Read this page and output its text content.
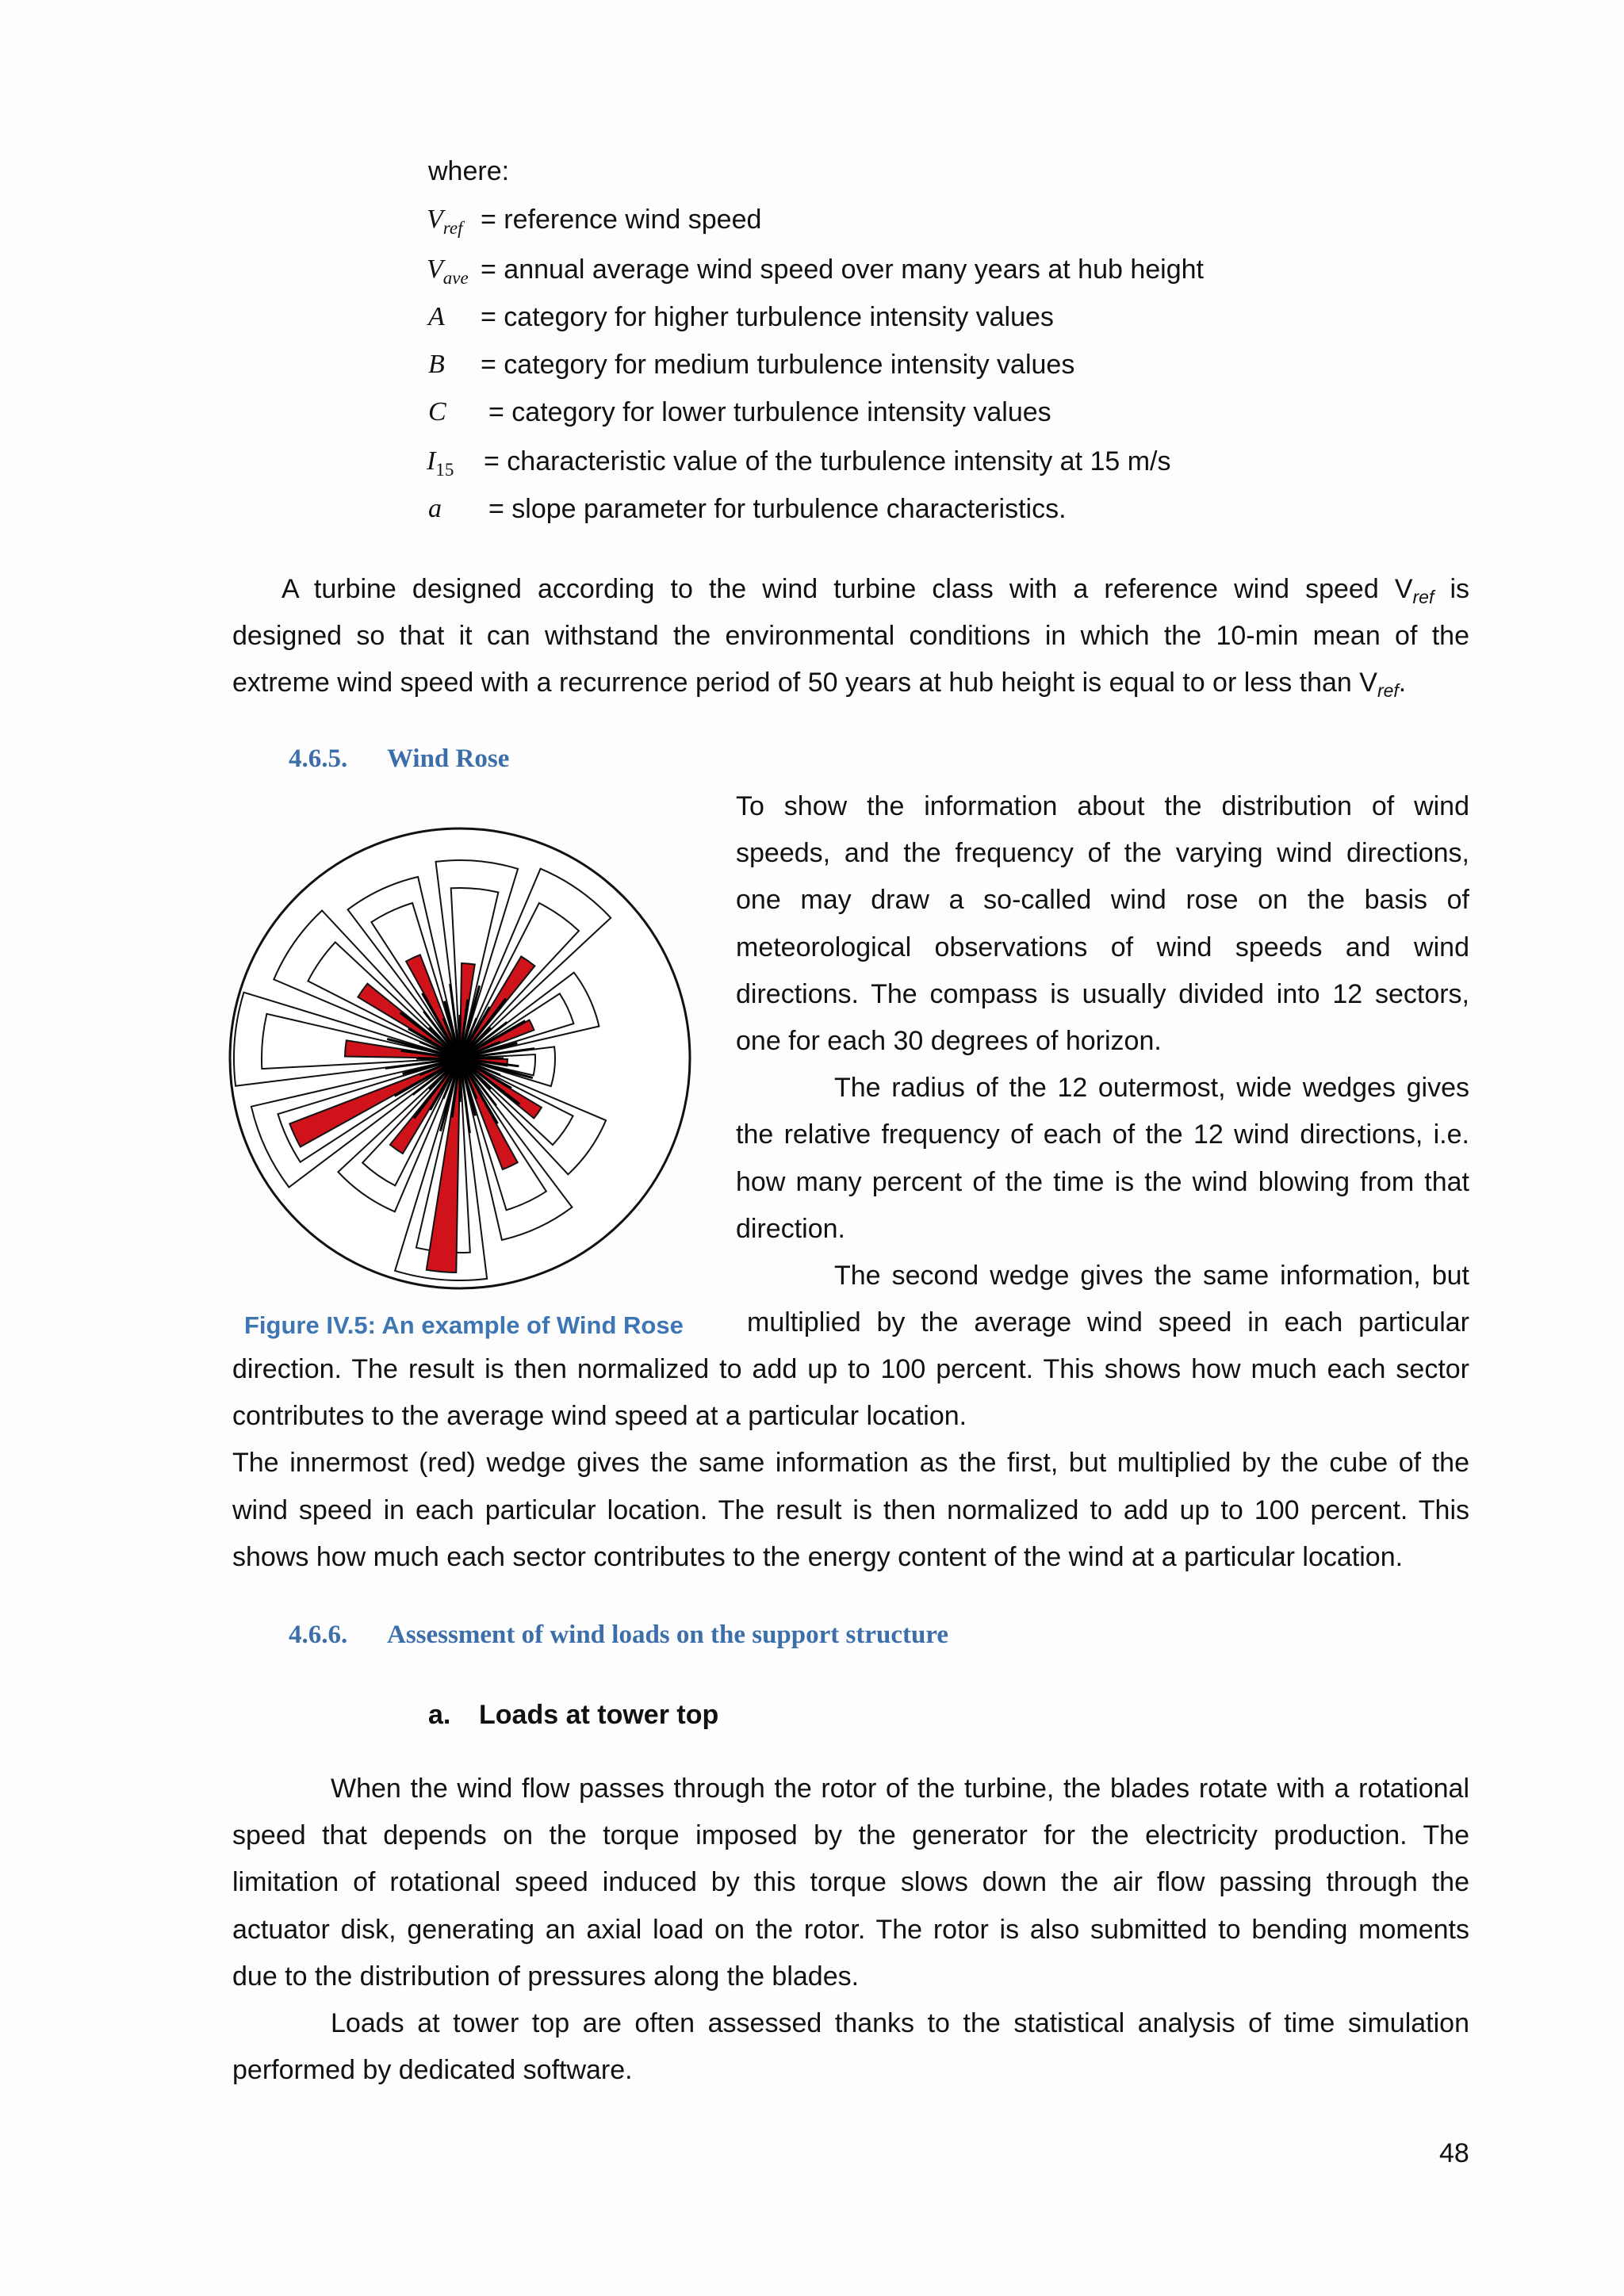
where:
$V_{ref}$ = reference wind speed
$V_{ave}$ = annual average wind speed over many years at hub height
A = category for higher turbulence intensity values
B = category for medium turbulence intensity values
C = category for lower turbulence intensity values
$I_{15}$ = characteristic value of the turbulence intensity at 15 m/s
a = slope parameter for turbulence characteristics.
A turbine designed according to the wind turbine class with a reference wind speed $V_{ref}$ is
designed so that it can withstand the environmental conditions in which the 10-min mean of the
extreme wind speed with a recurrence period of 50 years at hub height is equal to or less than $V_{ref}$.
4.6.5. Wind Rose
Figure IV.5: An example of Wind Rose
To show the information about the distribution of wind
speeds, and the frequency of the varying wind directions,
one may draw a so-called wind rose on the basis of
meteorological observations of wind speeds and wind
directions. The compass is usually divided into 12 sectors,
one for each 30 degrees of horizon.
The radius of the 12 outermost, wide wedges gives
the relative frequency of each of the 12 wind directions, i.e.
how many percent of the time is the wind blowing from that
direction.
The second wedge gives the same information, but
multiplied by the average wind speed in each particular
direction. The result is then normalized to add up to 100 percent. This shows how much each sector
contributes to the average wind speed at a particular location.
The innermost (red) wedge gives the same information as the first, but multiplied by the cube of the
wind speed in each particular location. The result is then normalized to add up to 100 percent. This
shows how much each sector contributes to the energy content of the wind at a particular location.
4.6.6. Assessment of wind loads on the support structure
a. Loads at tower top
When the wind flow passes through the rotor of the turbine, the blades rotate with a rotational
speed that depends on the torque imposed by the generator for the electricity production. The
limitation of rotational speed induced by this torque slows down the air flow passing through the
actuator disk, generating an axial load on the rotor. The rotor is also submitted to bending moments
due to the distribution of pressures along the blades.
Loads at tower top are often assessed thanks to the statistical analysis of time simulation
performed by dedicated software.
48
